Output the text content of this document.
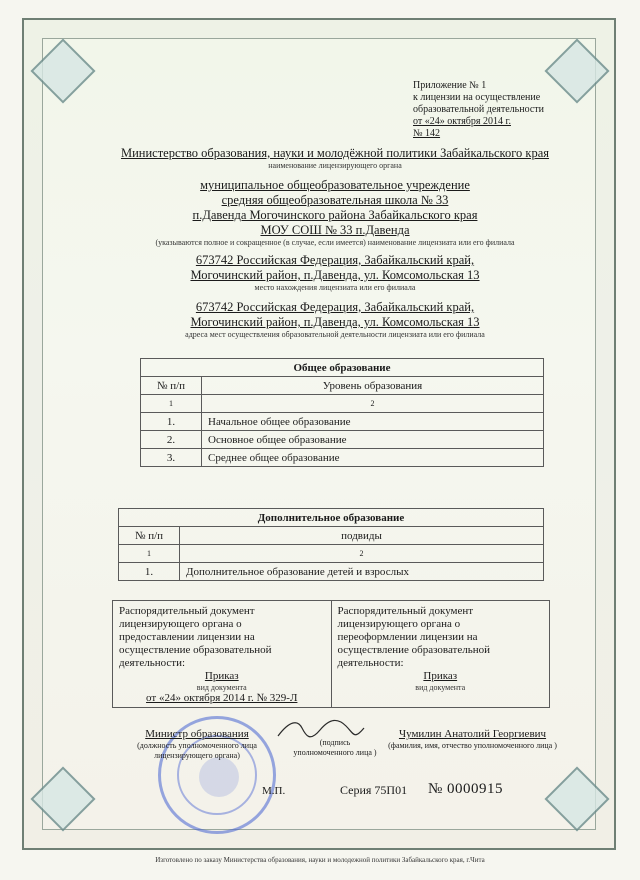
Приложение № 1
к лицензии на осуществление
образовательной деятельности
от «24» октября 2014 г.
№ 142
Министерство образования, науки и молодёжной политики Забайкальского края
наименование лицензирующего органа
муниципальное общеобразовательное учреждение
средняя общеобразовательная школа № 33
п.Давенда Могочинского района Забайкальского края
МОУ СОШ № 33 п.Давенда
(указываются полное и сокращенное (в случае, если имеется) наименование лицензиата или его филиала
673742 Российская Федерация, Забайкальский край,
Могочинский район, п.Давенда, ул. Комсомольская 13
место нахождения лицензиата или его филиала
673742 Российская Федерация, Забайкальский край,
Могочинский район, п.Давенда, ул. Комсомольская 13
адреса мест осуществления образовательной деятельности лицензиата или его филиала
Общее образование	
№ п/п	Уровень образования
1	2
1.	Начальное общее образование
2.	Основное общее образование
3.	Среднее общее образование
Дополнительное образование	
№ п/п	подвиды
1	2
1.	Дополнительное образование детей и взрослых
Распорядительный документ
лицензирующего органа о
предоставлении лицензии на
осуществление образовательной
деятельности:
Приказ
вид документа
от «24» октября 2014 г. № 329-Л
Распорядительный документ
лицензирующего органа о
переоформлении лицензии на
осуществление образовательной
деятельности:
Приказ
вид документа
Министр образования
(должность уполномоченного лица
лицензирующего органа)
(подпись
уполномоченного лица )
Чумилин Анатолий Георгиевич
(фамилия, имя, отчество уполномоченного лица )
М.П.	Серия 75П01 № 0000915
Изготовлено по заказу Министерства образования, науки и молодежной политики Забайкальского края, г.Чита
